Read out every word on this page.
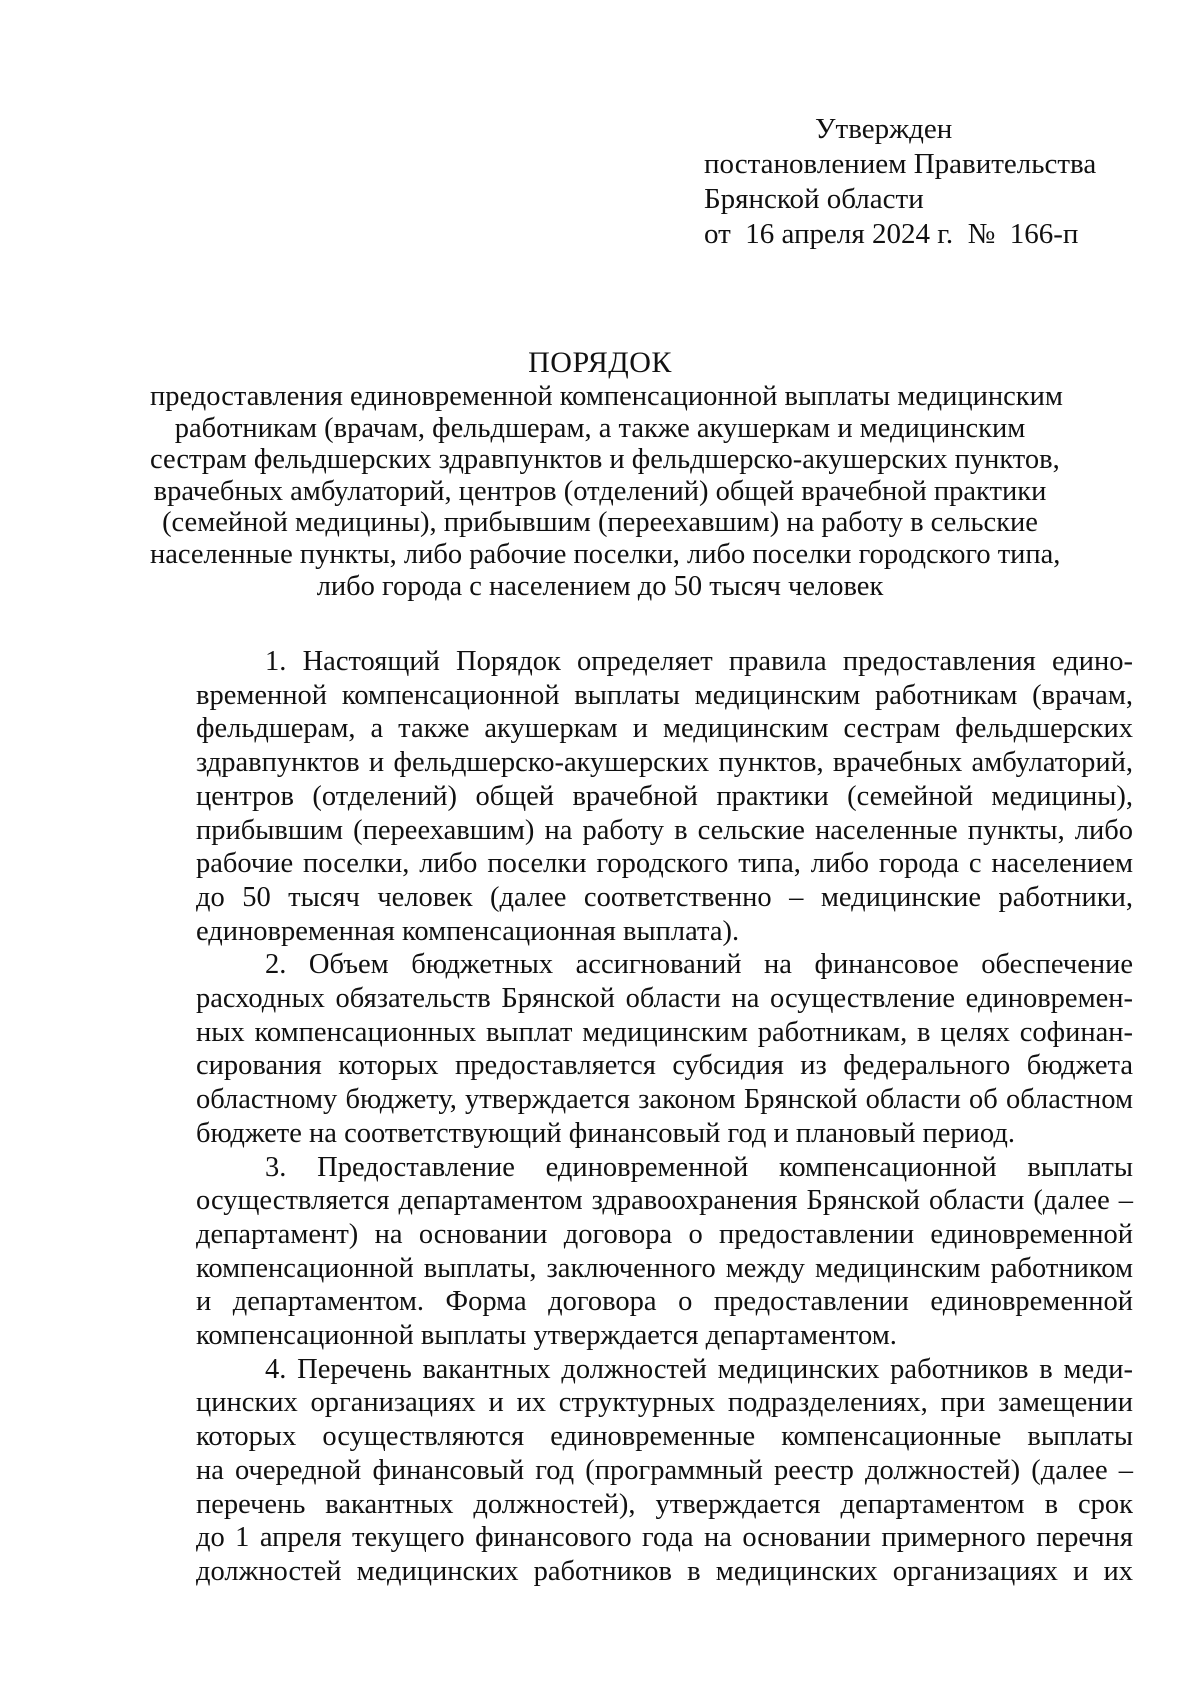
Утвержден
постановлением Правительства
Брянской области
от  16 апреля 2024 г.  №  166-п
ПОРЯДОК
предоставления единовременной компенсационной выплаты медицинским
работникам (врачам, фельдшерам, а также акушеркам и медицинским
сестрам фельдшерских здравпунктов и фельдшерско-акушерских пунктов,
врачебных амбулаторий, центров (отделений) общей врачебной практики
(семейной медицины), прибывшим (переехавшим) на работу в сельские
населенные пункты, либо рабочие поселки, либо поселки городского типа,
либо города с населением до 50 тысяч человек
1. Настоящий Порядок определяет правила предоставления едино-
временной компенсационной выплаты медицинским работникам (врачам,
фельдшерам, а также акушеркам и медицинским сестрам фельдшерских
здравпунктов и фельдшерско-акушерских пунктов, врачебных амбулаторий,
центров (отделений) общей врачебной практики (семейной медицины),
прибывшим (переехавшим) на работу в сельские населенные пункты, либо
рабочие поселки, либо поселки городского типа, либо города с населением
до 50 тысяч человек (далее соответственно – медицинские работники,
единовременная компенсационная выплата).
2. Объем бюджетных ассигнований на финансовое обеспечение
расходных обязательств Брянской области на осуществление единовремен-
ных компенсационных выплат медицинским работникам, в целях софинан-
сирования которых предоставляется субсидия из федерального бюджета
областному бюджету, утверждается законом Брянской области об областном
бюджете на соответствующий финансовый год и плановый период.
3. Предоставление единовременной компенсационной выплаты
осуществляется департаментом здравоохранения Брянской области (далее –
департамент) на основании договора о предоставлении единовременной
компенсационной выплаты, заключенного между медицинским работником
и департаментом. Форма договора о предоставлении единовременной
компенсационной выплаты утверждается департаментом.
4. Перечень вакантных должностей медицинских работников в меди-
цинских организациях и их структурных подразделениях, при замещении
которых осуществляются единовременные компенсационные выплаты
на очередной финансовый год (программный реестр должностей) (далее –
перечень вакантных должностей), утверждается департаментом в срок
до 1 апреля текущего финансового года на основании примерного перечня
должностей медицинских работников в медицинских организациях и их
